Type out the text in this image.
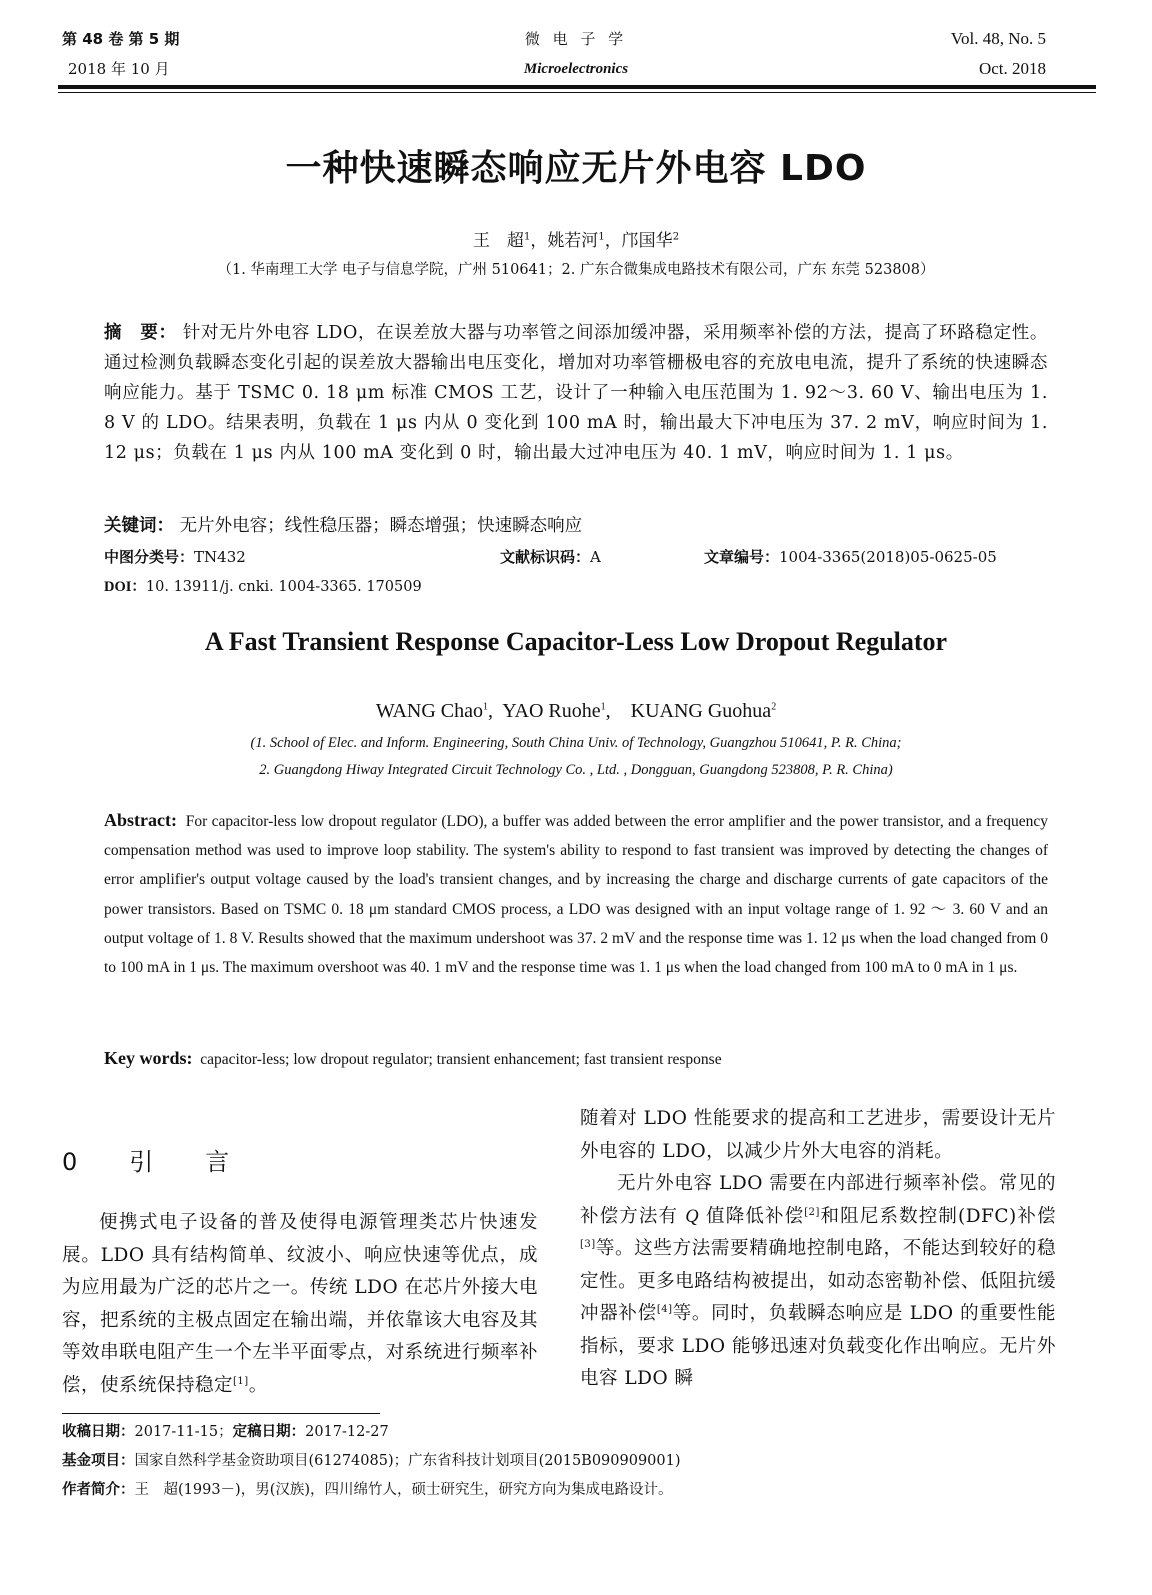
第 48 卷 第 5 期
2018 年 10 月
微 电 子 学
Microelectronics
Vol. 48, No. 5
Oct. 2018
一种快速瞬态响应无片外电容 LDO
王　超$^1$，姚若河$^1$，邝国华$^2$
（1. 华南理工大学 电子与信息学院，广州 510641；2. 广东合微集成电路技术有限公司，广东 东莞 523808）
摘　要： 针对无片外电容 LDO，在误差放大器与功率管之间添加缓冲器，采用频率补偿的方法，提高了环路稳定性。通过检测负载瞬态变化引起的误差放大器输出电压变化，增加对功率管栅极电容的充放电电流，提升了系统的快速瞬态响应能力。基于 TSMC 0. 18 μm 标准 CMOS 工艺，设计了一种输入电压范围为 1. 92～3. 60 V、输出电压为 1. 8 V 的 LDO。结果表明，负载在 1 μs 内从 0 变化到 100 mA 时，输出最大下冲电压为 37. 2 mV，响应时间为 1. 12 μs；负载在 1 μs 内从 100 mA 变化到 0 时，输出最大过冲电压为 40. 1 mV，响应时间为 1. 1 μs。
关键词： 无片外电容；线性稳压器；瞬态增强；快速瞬态响应
中图分类号：TN432	文献标识码：A	文章编号：1004-3365(2018)05-0625-05
DOI：10. 13911/j. cnki. 1004-3365. 170509
A Fast Transient Response Capacitor-Less Low Dropout Regulator
WANG Chao$^1$,  YAO Ruohe$^1$,    KUANG Guohua$^2$
(1. School of Elec. and Inform. Engineering, South China Univ. of Technology, Guangzhou 510641, P. R. China;
2. Guangdong Hiway Integrated Circuit Technology Co. , Ltd. , Dongguan, Guangdong 523808, P. R. China)
Abstract: For capacitor-less low dropout regulator (LDO), a buffer was added between the error amplifier and the power transistor, and a frequency compensation method was used to improve loop stability. The system's ability to respond to fast transient was improved by detecting the changes of error amplifier's output voltage caused by the load's transient changes, and by increasing the charge and discharge currents of gate capacitors of the power transistors. Based on TSMC 0. 18 μm standard CMOS process, a LDO was designed with an input voltage range of 1. 92 ～ 3. 60 V and an output voltage of 1. 8 V. Results showed that the maximum undershoot was 37. 2 mV and the response time was 1. 12 μs when the load changed from 0 to 100 mA in 1 μs. The maximum overshoot was 40. 1 mV and the response time was 1. 1 μs when the load changed from 100 mA to 0 mA in 1 μs.
Key words: capacitor-less; low dropout regulator; transient enhancement; fast transient response
0　引　言

便携式电子设备的普及使得电源管理类芯片快速发展。LDO 具有结构简单、纹波小、响应快速等优点，成为应用最为广泛的芯片之一。传统 LDO 在芯片外接大电容，把系统的主极点固定在输出端，并依靠该大电容及其等效串联电阻产生一个左半平面零点，对系统进行频率补偿，使系统保持稳定[1]。

随着对 LDO 性能要求的提高和工艺进步，需要设计无片外电容的 LDO，以减少片外大电容的消耗。

无片外电容 LDO 需要在内部进行频率补偿。常见的补偿方法有 Q 值降低补偿[2]和阻尼系数控制(DFC)补偿[3]等。这些方法需要精确地控制电路，不能达到较好的稳定性。更多电路结构被提出，如动态密勒补偿、低阻抗缓冲器补偿[4]等。同时，负载瞬态响应是 LDO 的重要性能指标，要求 LDO 能够迅速对负载变化作出响应。无片外电容 LDO 瞬

收稿日期：2017-11-15；定稿日期：2017-12-27
基金项目：国家自然科学基金资助项目(61274085)；广东省科技计划项目(2015B090909001)
作者简介：王　超(1993－)，男(汉族)，四川绵竹人，硕士研究生，研究方向为集成电路设计。
